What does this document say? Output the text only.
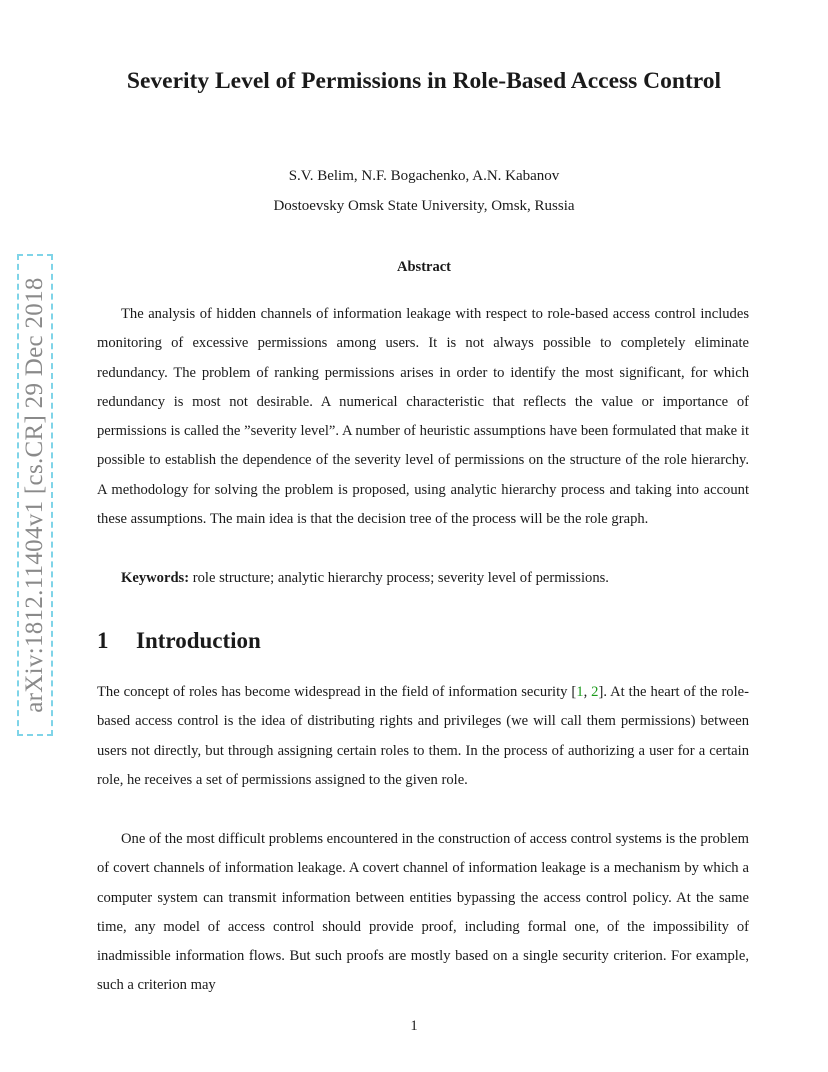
arXiv:1812.11404v1 [cs.CR] 29 Dec 2018
Severity Level of Permissions in Role-Based Access Control
S.V. Belim, N.F. Bogachenko, A.N. Kabanov
Dostoevsky Omsk State University, Omsk, Russia
Abstract

The analysis of hidden channels of information leakage with respect to role-based access control includes monitoring of excessive permissions among users. It is not always possible to completely eliminate redundancy. The problem of ranking permissions arises in order to identify the most significant, for which redundancy is most not desirable. A numerical characteristic that reflects the value or importance of permissions is called the ”severity level”. A number of heuristic assumptions have been formulated that make it possible to establish the dependence of the severity level of permissions on the structure of the role hierarchy. A methodology for solving the problem is proposed, using analytic hierarchy process and taking into account these assumptions. The main idea is that the decision tree of the process will be the role graph.

Keywords: role structure; analytic hierarchy process; severity level of permissions.

1 Introduction

The concept of roles has become widespread in the field of information security [1, 2]. At the heart of the role-based access control is the idea of distributing rights and privileges (we will call them permissions) between users not directly, but through assigning certain roles to them. In the process of authorizing a user for a certain role, he receives a set of permissions assigned to the given role.

One of the most difficult problems encountered in the construction of access control systems is the problem of covert channels of information leakage. A covert channel of information leakage is a mechanism by which a computer system can transmit information between entities bypassing the access control policy. At the same time, any model of access control should provide proof, including formal one, of the impossibility of inadmissible information flows. But such proofs are mostly based on a single security criterion. For example, such a criterion may

1
